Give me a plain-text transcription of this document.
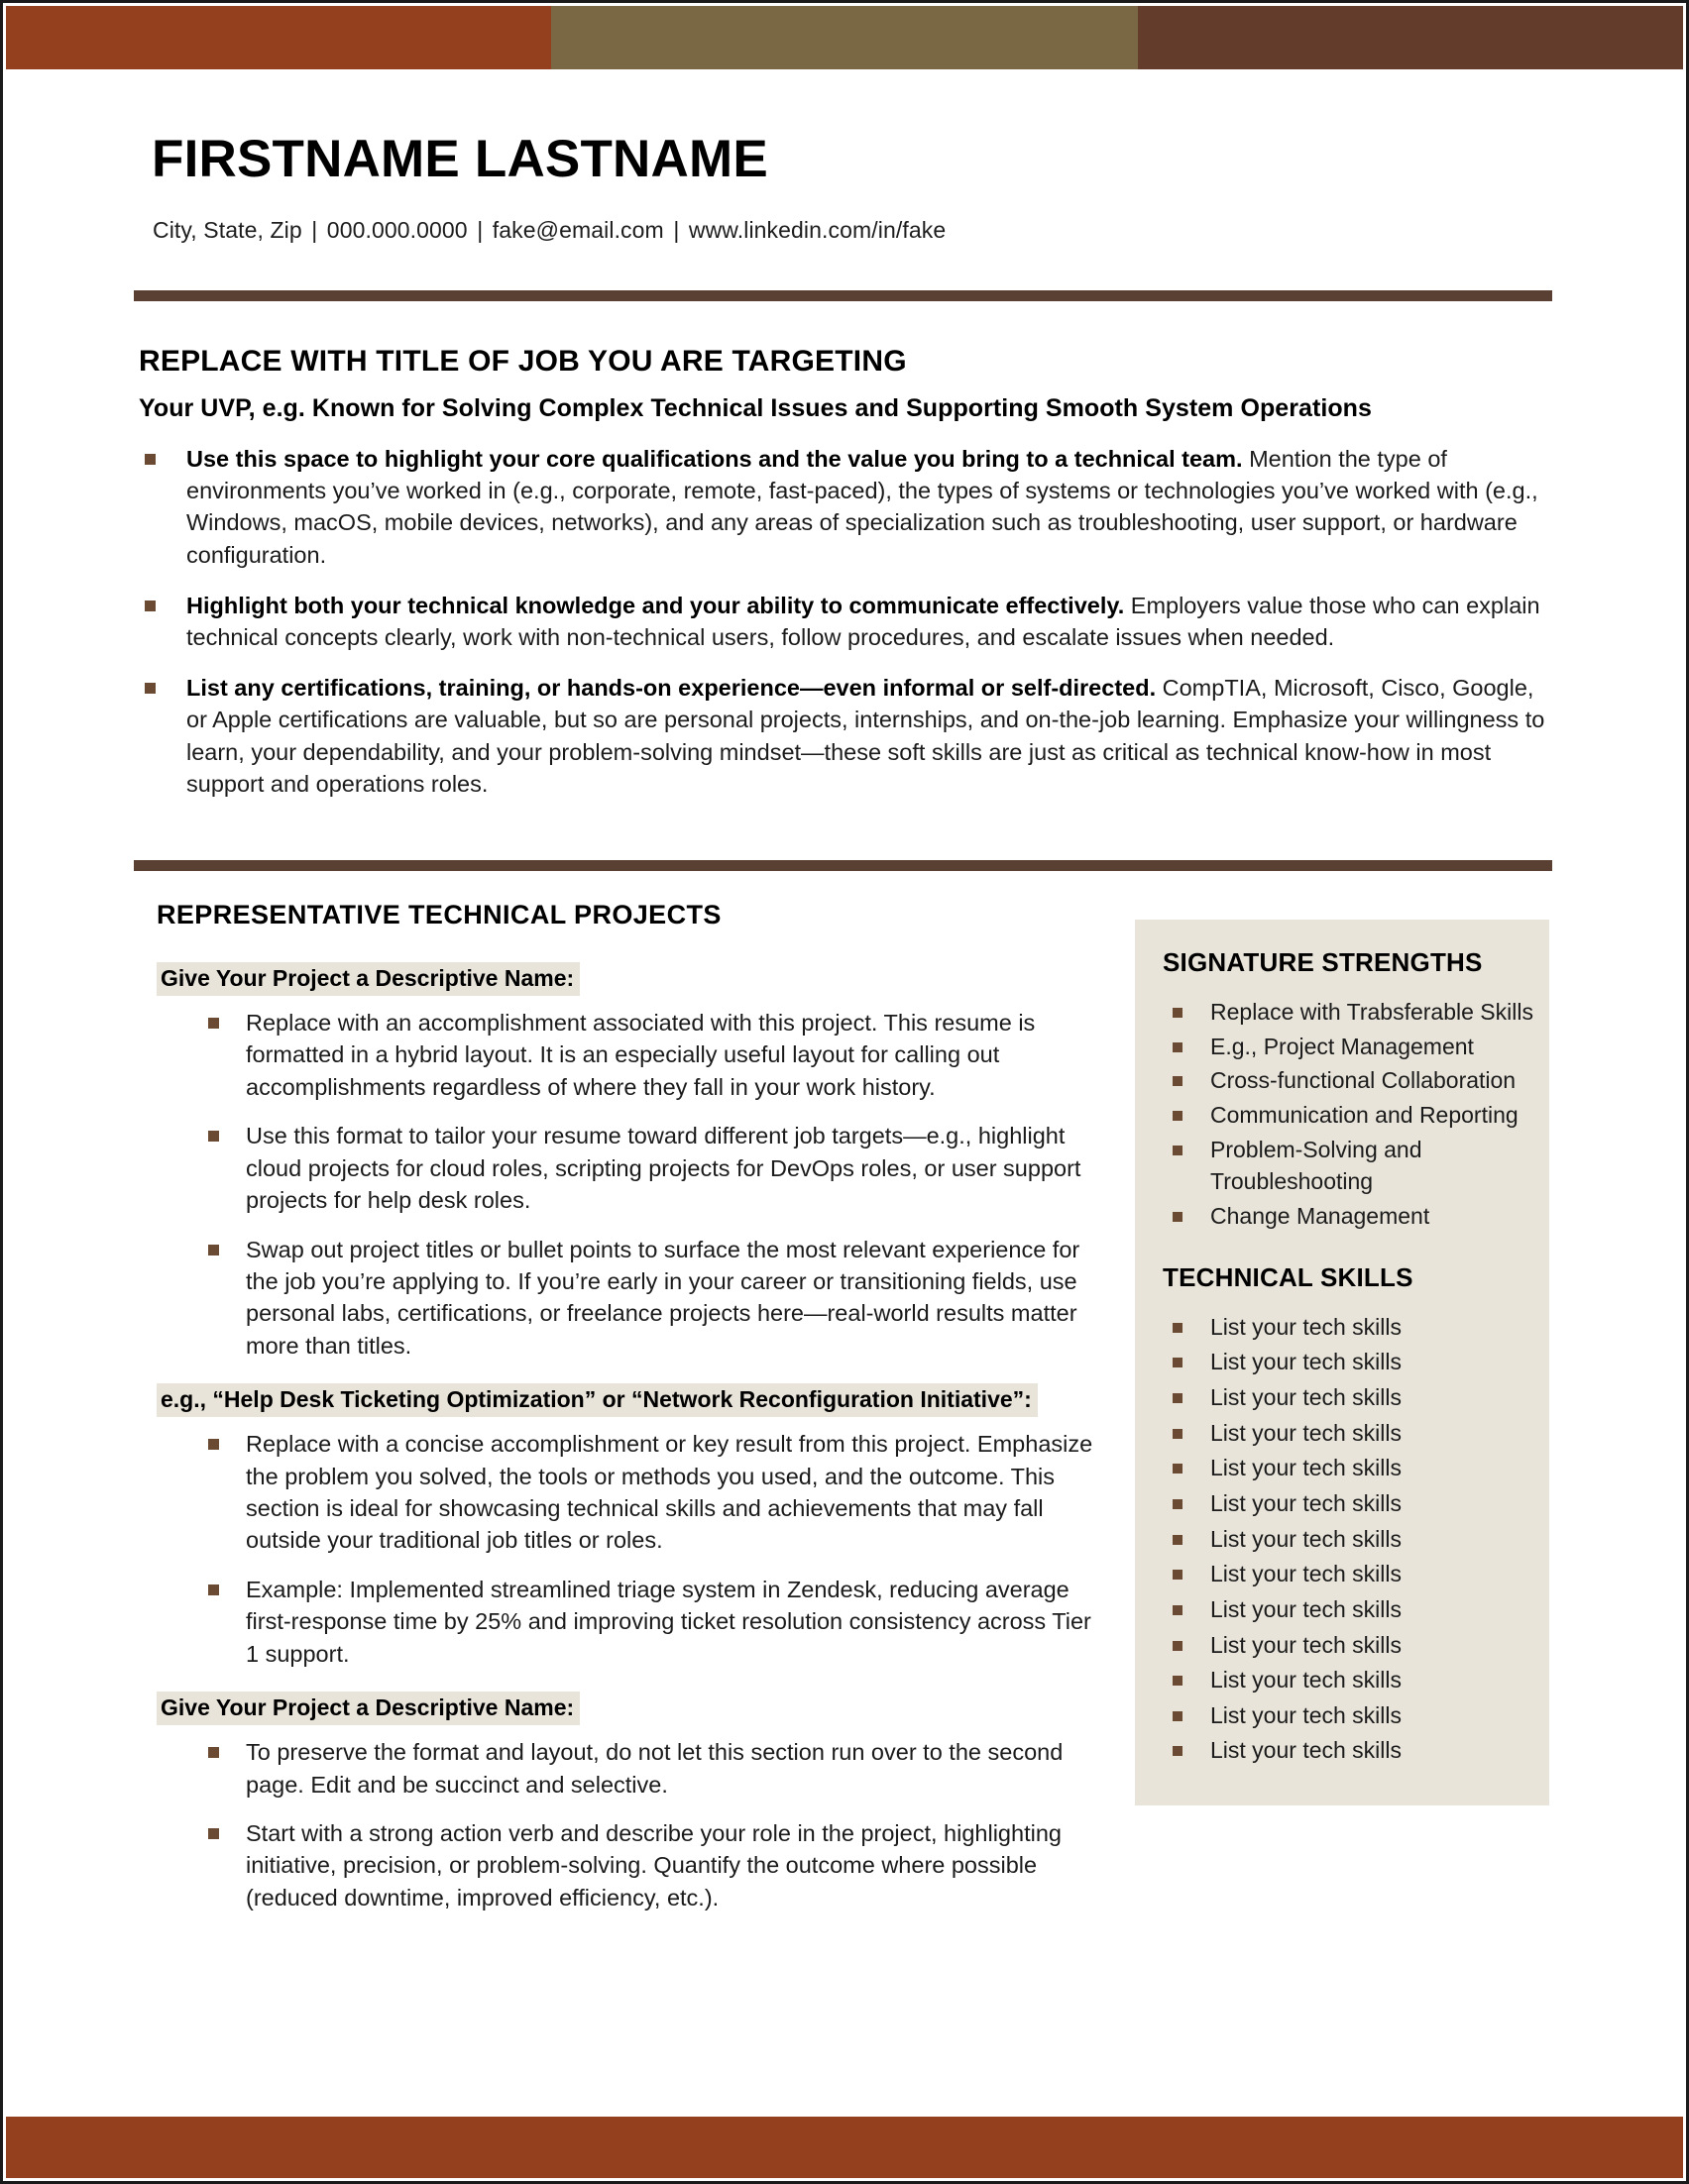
FIRSTNAME LASTNAME
City, State, Zip | 000.000.0000 | fake@email.com | www.linkedin.com/in/fake
REPLACE WITH TITLE OF JOB YOU ARE TARGETING
Your UVP, e.g. Known for Solving Complex Technical Issues and Supporting Smooth System Operations
Use this space to highlight your core qualifications and the value you bring to a technical team. Mention the type of environments you’ve worked in (e.g., corporate, remote, fast-paced), the types of systems or technologies you’ve worked with (e.g., Windows, macOS, mobile devices, networks), and any areas of specialization such as troubleshooting, user support, or hardware configuration.
Highlight both your technical knowledge and your ability to communicate effectively. Employers value those who can explain technical concepts clearly, work with non-technical users, follow procedures, and escalate issues when needed.
List any certifications, training, or hands-on experience—even informal or self-directed. CompTIA, Microsoft, Cisco, Google, or Apple certifications are valuable, but so are personal projects, internships, and on-the-job learning. Emphasize your willingness to learn, your dependability, and your problem-solving mindset—these soft skills are just as critical as technical know-how in most support and operations roles.
REPRESENTATIVE TECHNICAL PROJECTS
Give Your Project a Descriptive Name:
Replace with an accomplishment associated with this project. This resume is formatted in a hybrid layout. It is an especially useful layout for calling out accomplishments regardless of where they fall in your work history.
Use this format to tailor your resume toward different job targets—e.g., highlight cloud projects for cloud roles, scripting projects for DevOps roles, or user support projects for help desk roles.
Swap out project titles or bullet points to surface the most relevant experience for the job you’re applying to. If you’re early in your career or transitioning fields, use personal labs, certifications, or freelance projects here—real-world results matter more than titles.
e.g., “Help Desk Ticketing Optimization” or “Network Reconfiguration Initiative”:
Replace with a concise accomplishment or key result from this project. Emphasize the problem you solved, the tools or methods you used, and the outcome. This section is ideal for showcasing technical skills and achievements that may fall outside your traditional job titles or roles.
Example: Implemented streamlined triage system in Zendesk, reducing average first-response time by 25% and improving ticket resolution consistency across Tier 1 support.
Give Your Project a Descriptive Name:
To preserve the format and layout, do not let this section run over to the second page. Edit and be succinct and selective.
Start with a strong action verb and describe your role in the project, highlighting initiative, precision, or problem-solving. Quantify the outcome where possible (reduced downtime, improved efficiency, etc.).
SIGNATURE STRENGTHS
Replace with Trabsferable Skills
E.g., Project Management
Cross-functional Collaboration
Communication and Reporting
Problem-Solving and Troubleshooting
Change Management
TECHNICAL SKILLS
List your tech skills
List your tech skills
List your tech skills
List your tech skills
List your tech skills
List your tech skills
List your tech skills
List your tech skills
List your tech skills
List your tech skills
List your tech skills
List your tech skills
List your tech skills
